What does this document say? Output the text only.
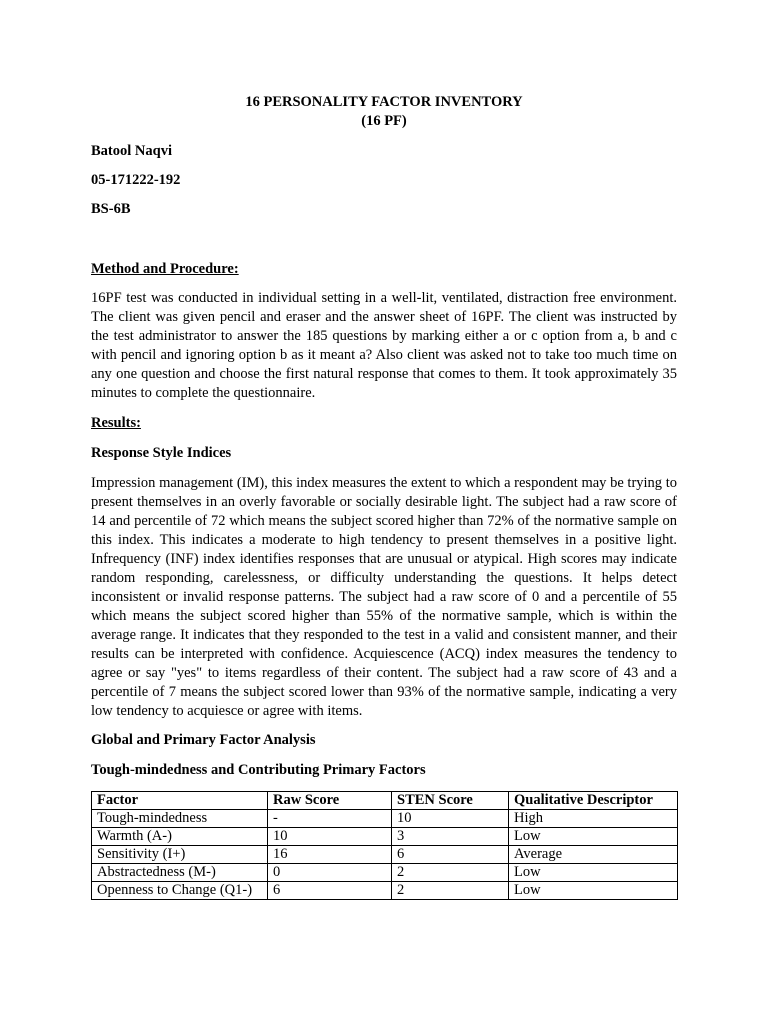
16 PERSONALITY FACTOR INVENTORY
(16 PF)
Batool Naqvi
05-171222-192
BS-6B
Method and Procedure:

16PF test was conducted in individual setting in a well-lit, ventilated, distraction free environment. The client was given pencil and eraser and the answer sheet of 16PF. The client was instructed by the test administrator to answer the 185 questions by marking either a or c option from a, b and c with pencil and ignoring option b as it meant a? Also client was asked not to take too much time on any one question and choose the first natural response that comes to them. It took approximately 35 minutes to complete the questionnaire.

Results:
Response Style Indices

Impression management (IM), this index measures the extent to which a respondent may be trying to present themselves in an overly favorable or socially desirable light. The subject had a raw score of 14 and percentile of 72 which means the subject scored higher than 72% of the normative sample on this index. This indicates a moderate to high tendency to present themselves in a positive light. Infrequency (INF) index identifies responses that are unusual or atypical. High scores may indicate random responding, carelessness, or difficulty understanding the questions. It helps detect inconsistent or invalid response patterns. The subject had a raw score of 0 and a percentile of 55 which means the subject scored higher than 55% of the normative sample, which is within the average range. It indicates that they responded to the test in a valid and consistent manner, and their results can be interpreted with confidence. Acquiescence (ACQ) index measures the tendency to agree or say "yes" to items regardless of their content. The subject had a raw score of 43 and a percentile of 7 means the subject scored lower than 93% of the normative sample, indicating a very low tendency to acquiesce or agree with items.

Global and Primary Factor Analysis
Tough-mindedness and Contributing Primary Factors
Factor	Raw Score	STEN Score	Qualitative Descriptor
Tough-mindedness	-	10	High
Warmth (A-)	10	3	Low
Sensitivity (I+)	16	6	Average
Abstractedness (M-)	0	2	Low
Openness to Change (Q1-)	6	2	Low
